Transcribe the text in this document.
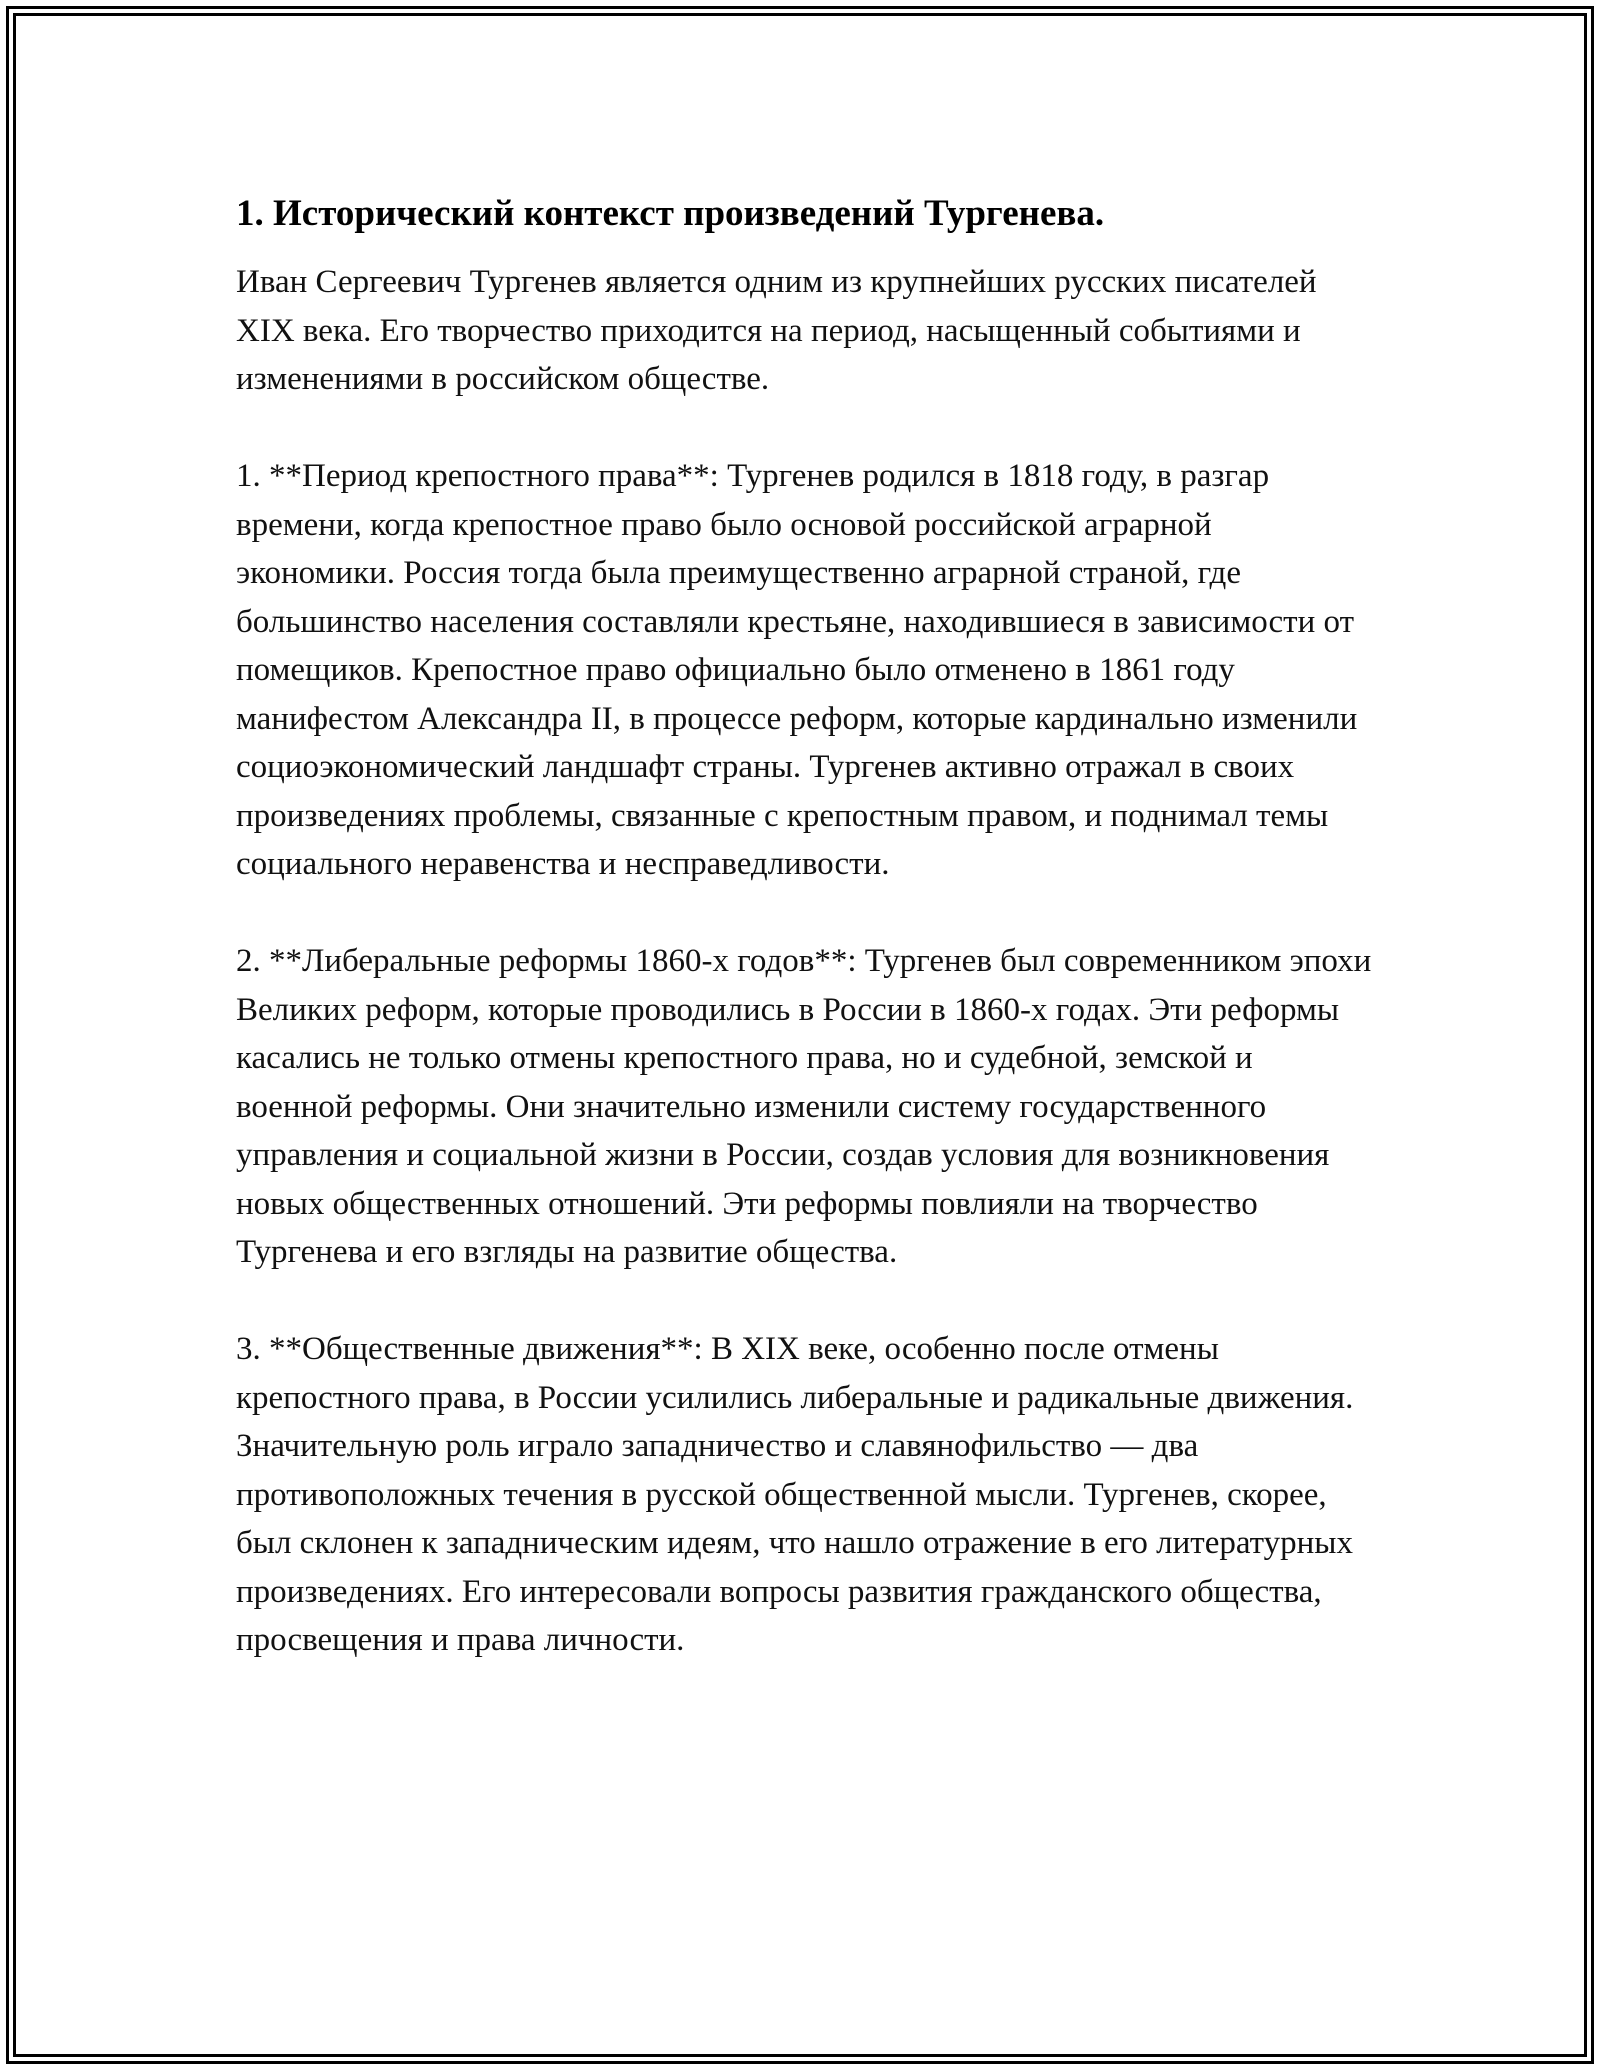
1. Исторический контекст произведений Тургенева.

Иван Сергеевич Тургенев является одним из крупнейших русских писателей XIX века. Его творчество приходится на период, насыщенный событиями и изменениями в российском обществе.

1. **Период крепостного права**: Тургенев родился в 1818 году, в разгар времени, когда крепостное право было основой российской аграрной экономики. Россия тогда была преимущественно аграрной страной, где большинство населения составляли крестьяне, находившиеся в зависимости от помещиков. Крепостное право официально было отменено в 1861 году манифестом Александра II, в процессе реформ, которые кардинально изменили социоэкономический ландшафт страны. Тургенев активно отражал в своих произведениях проблемы, связанные с крепостным правом, и поднимал темы социального неравенства и несправедливости.

2. **Либеральные реформы 1860-х годов**: Тургенев был современником эпохи Великих реформ, которые проводились в России в 1860-х годах. Эти реформы касались не только отмены крепостного права, но и судебной, земской и военной реформы. Они значительно изменили систему государственного управления и социальной жизни в России, создав условия для возникновения новых общественных отношений. Эти реформы повлияли на творчество Тургенева и его взгляды на развитие общества.

3. **Общественные движения**: В XIX веке, особенно после отмены крепостного права, в России усилились либеральные и радикальные движения. Значительную роль играло западничество и славянофильство — два противоположных течения в русской общественной мысли. Тургенев, скорее, был склонен к западническим идеям, что нашло отражение в его литературных произведениях. Его интересовали вопросы развития гражданского общества, просвещения и права личности.
